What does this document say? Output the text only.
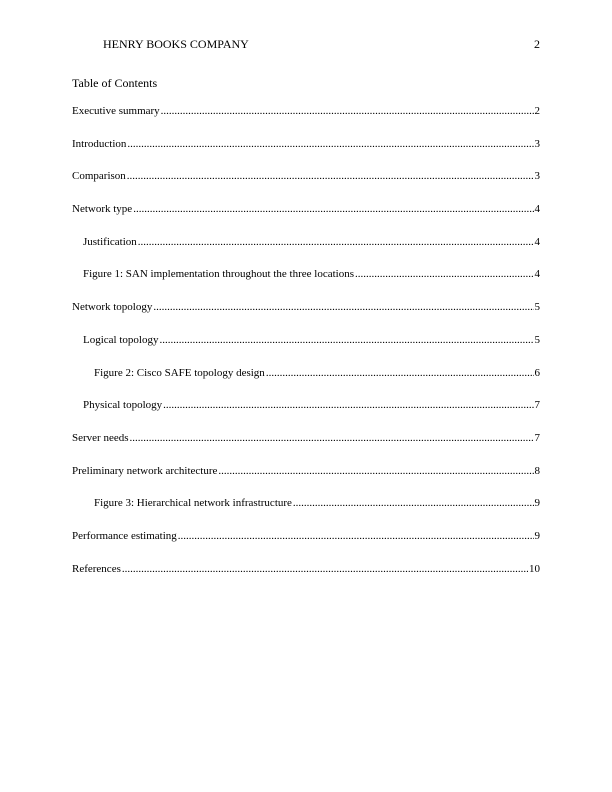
HENRY BOOKS COMPANY	2
Table of Contents
Executive summary .....	2
Introduction .....	3
Comparison .....	3
Network type .....	4
Justification .....	4
Figure 1: SAN implementation throughout the three locations .....	4
Network topology .....	5
Logical topology .....	5
Figure 2: Cisco SAFE topology design .....	6
Physical topology .....	7
Server needs .....	7
Preliminary network architecture .....	8
Figure 3: Hierarchical network infrastructure .....	9
Performance estimating .....	9
References .....	10
